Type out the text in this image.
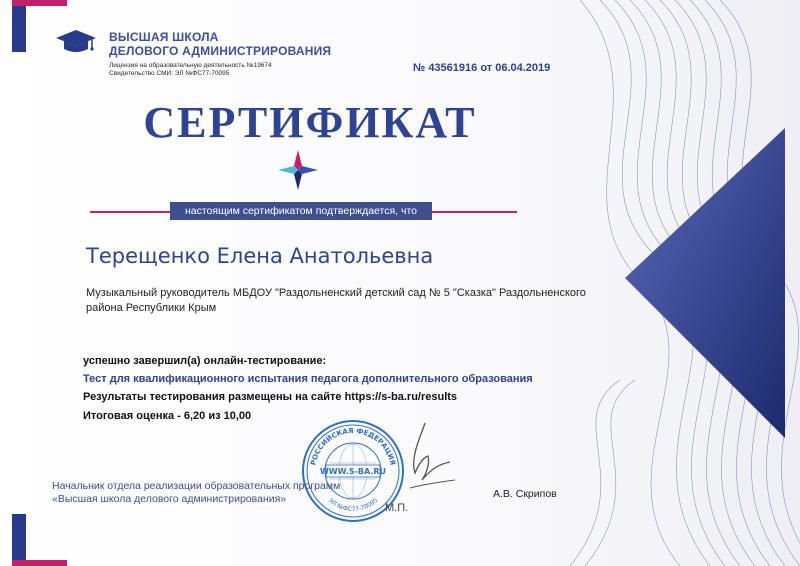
ВЫСШАЯ ШКОЛА
ДЕЛОВОГО АДМИНИСТРИРОВАНИЯ
Лицензия на образовательную деятельность №19674
Свидетельство СМИ: ЭЛ №ФС77-70095	№ 43561916 от 06.04.2019
СЕРТИФИКАТ
настоящим сертификатом подтверждается, что
Терещенко Елена Анатольевна
Музыкальный руководитель МБДОУ "Раздольненский детский сад № 5 "Сказка" Раздольненского
района Республики Крым
успешно завершил(а) онлайн-тестирование:
Тест для квалификационного испытания педагога дополнительного образования
Результаты тестирования размещены на сайте https://s-ba.ru/results
Итоговая оценка - 6,20 из 10,00
РОССИЙСКАЯ ФЕДЕРАЦИЯ
ЭЛ №ФС77-70095
WWW.S-BA.RU
Начальник отдела реализации образовательных программ
«Высшая школа делового администрирования»
М.П.
А.В. Скрипов
